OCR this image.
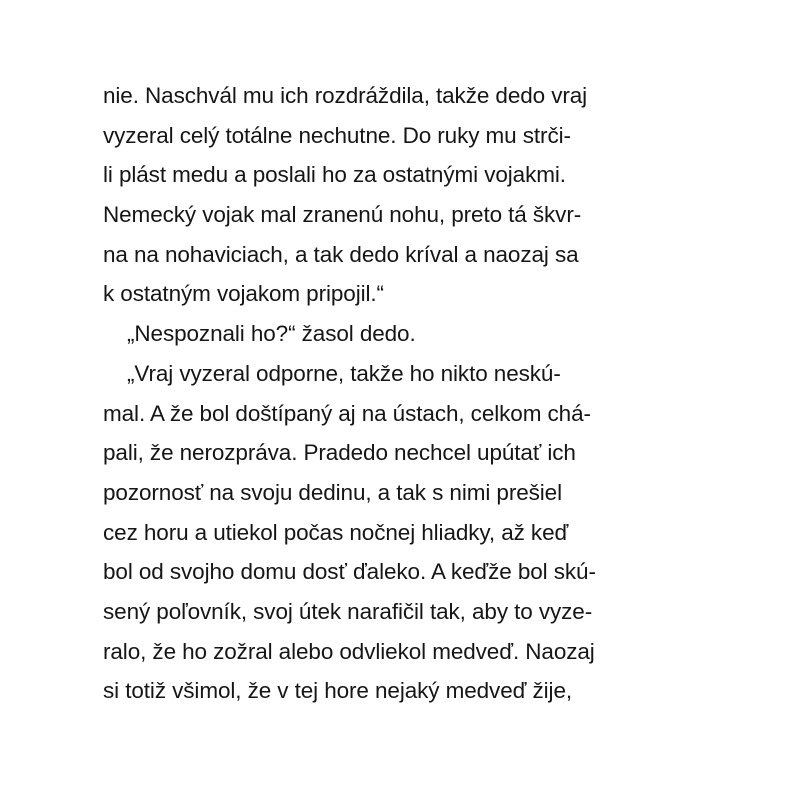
nie. Naschvál mu ich rozdráždila, takže dedo vraj
vyzeral celý totálne nechutne. Do ruky mu strči-
li plást medu a poslali ho za ostatnými vojakmi.
Nemecký vojak mal zranenú nohu, preto tá škvr-
na na nohaviciach, a tak dedo kríval a naozaj sa
k ostatným vojakom pripojil.“
„Nespoznali ho?“ žasol dedo.
„Vraj vyzeral odporne, takže ho nikto neskú-
mal. A že bol doštípaný aj na ústach, celkom chá-
pali, že nerozpráva. Pradedo nechcel upútať ich
pozornosť na svoju dedinu, a tak s nimi prešiel
cez horu a utiekol počas nočnej hliadky, až keď
bol od svojho domu dosť ďaleko. A keďže bol skú-
sený poľovník, svoj útek narafičil tak, aby to vyze-
ralo, že ho zožral alebo odvliekol medveď. Naozaj
si totiž všimol, že v tej hore nejaký medveď žije,
